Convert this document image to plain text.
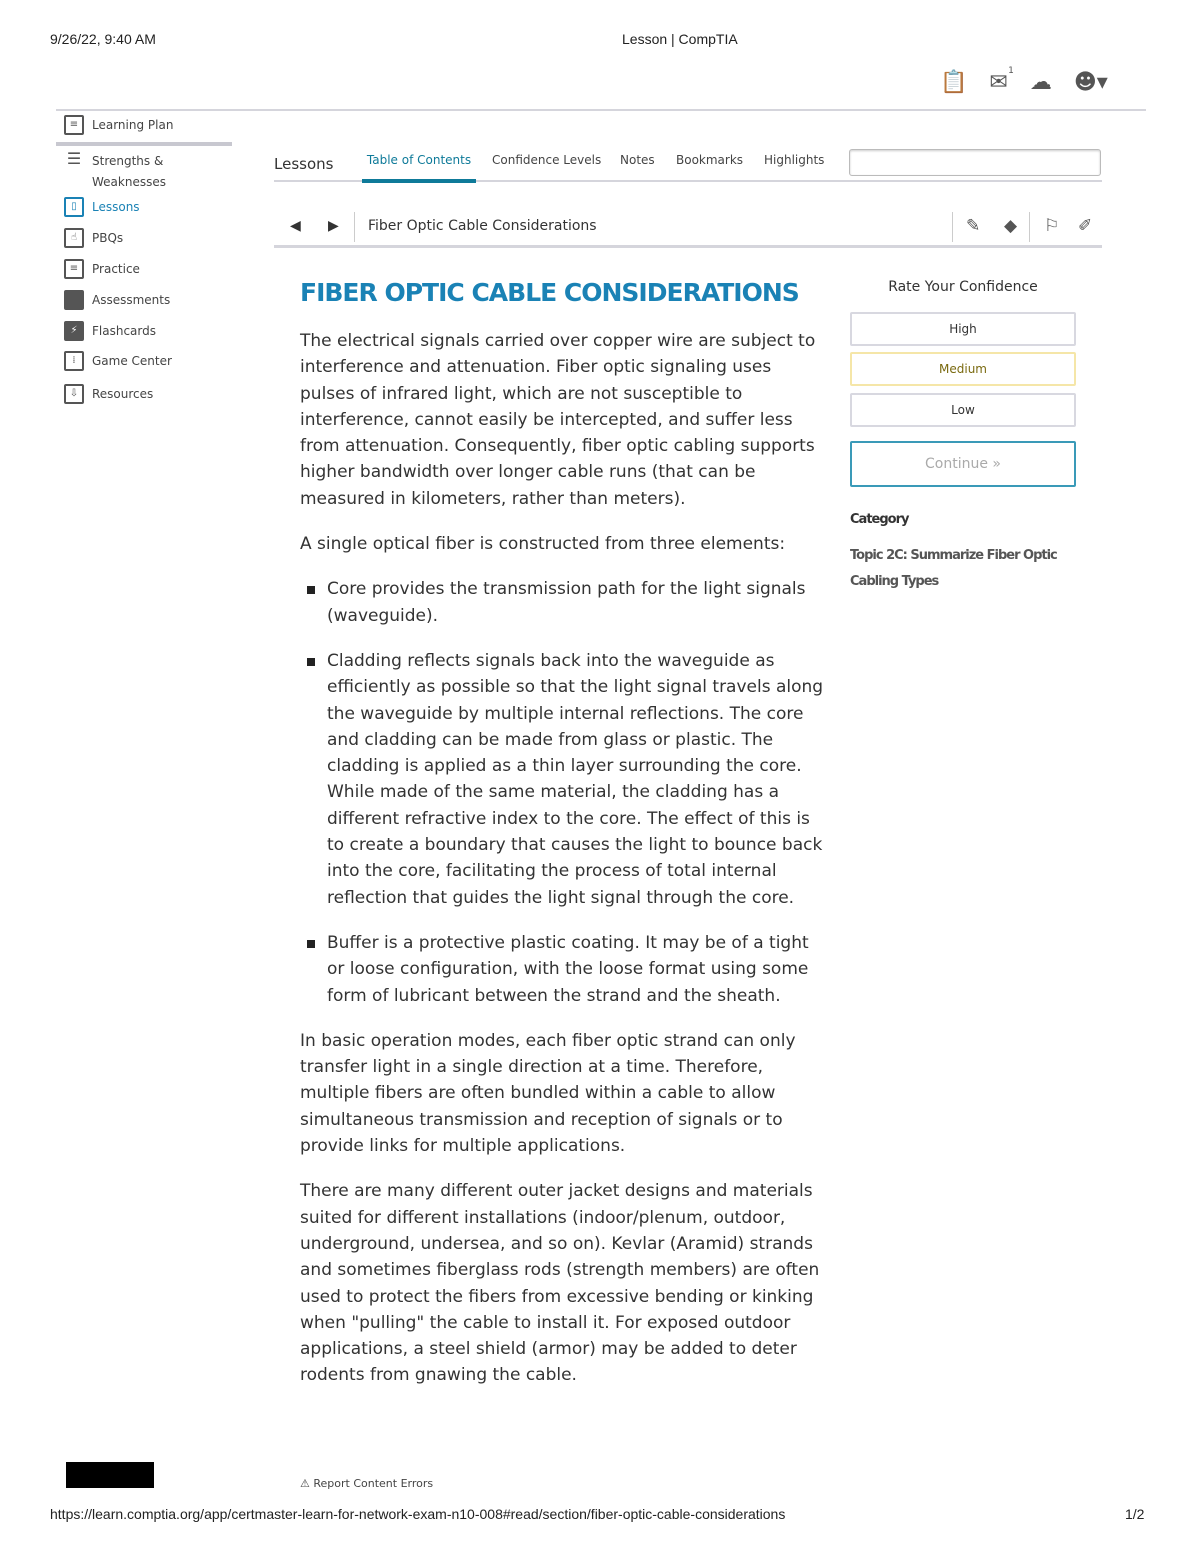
9/26/22, 9:40 AM	Lesson | CompTIA
📋 ✉ 1 ☁ ☻▾
≡	Learning Plan
☰ Strengths &
Weaknesses
▯	Lessons
☝	PBQs
≡	Practice
Assessments
⚡	Flashcards
⁞	Game Center
⇩	Resources
Lessons	Table of Contents	Confidence Levels Notes Bookmarks Highlights
◀ ▶ Fiber Optic Cable Considerations	✎ ◆ ⚐ ✐
FIBER OPTIC CABLE CONSIDERATIONS

The electrical signals carried over copper wire are subject to interference and attenuation. Fiber optic signaling uses pulses of infrared light, which are not susceptible to interference, cannot easily be intercepted, and suffer less from attenuation. Consequently, fiber optic cabling supports higher bandwidth over longer cable runs (that can be measured in kilometers, rather than meters).

A single optical fiber is constructed from three elements:

Core provides the transmission path for the light signals (waveguide).
Cladding reflects signals back into the waveguide as efficiently as possible so that the light signal travels along the waveguide by multiple internal reflections. The core and cladding can be made from glass or plastic. The cladding is applied as a thin layer surrounding the core. While made of the same material, the cladding has a different refractive index to the core. The effect of this is to create a boundary that causes the light to bounce back into the core, facilitating the process of total internal reflection that guides the light signal through the core.
Buffer is a protective plastic coating. It may be of a tight or loose configuration, with the loose format using some form of lubricant between the strand and the sheath.

In basic operation modes, each fiber optic strand can only transfer light in a single direction at a time. Therefore, multiple fibers are often bundled within a cable to allow simultaneous transmission and reception of signals or to provide links for multiple applications.

There are many different outer jacket designs and materials suited for different installations (indoor/plenum, outdoor, underground, undersea, and so on). Kevlar (Aramid) strands and sometimes fiberglass rods (strength members) are often used to protect the fibers from excessive bending or kinking when "pulling" the cable to install it. For exposed outdoor applications, a steel shield (armor) may be added to deter rodents from gnawing the cable.

Rate Your Confidence
High
Medium
Low
Continue »
Category
Topic 2C: Summarize Fiber Optic Cabling Types
⚠ Report Content Errors
https://learn.comptia.org/app/certmaster-learn-for-network-exam-n10-008#read/section/fiber-optic-cable-considerations	1/2
